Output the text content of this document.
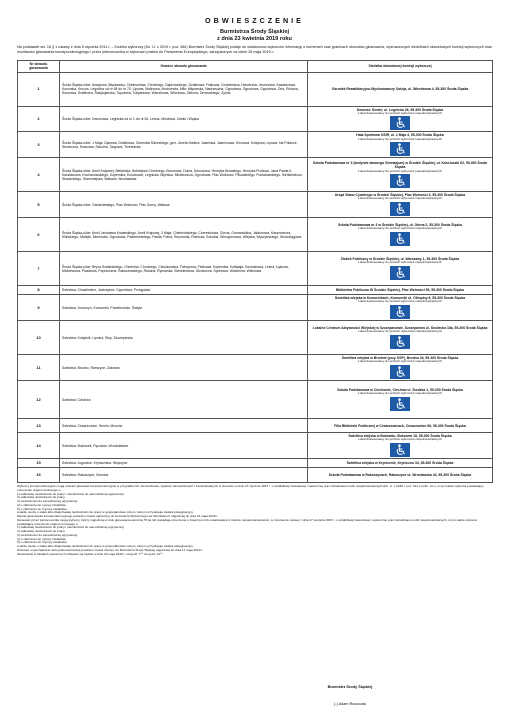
OBWIESZCZENIE
Burmistrza Środy Śląskiej
z dnia 23 kwietnia 2019 roku
Na podstawie art. 16 § 1 ustawy z dnia 5 stycznia 2011 r. – Kodeks wyborczy (Dz. U. z 2019 r. poz. 684) Burmistrz Środy Śląskiej podaje do wiadomości wyborców informację o numerach oraz granicach obwodów głosowania, wyznaczonych siedzibach obwodowych komisji wyborczych oraz możliwości głosowania korespondencyjnego i przez pełnomocnika w wyborach posłów do Parlamentu Europejskiego, zarządzonych na dzień 26 maja 2019 r.:
Nr obwodu głosowania	Granice obwodu głosowania	Siedziba obwodowej komisji wyborczej
1	Środa Śląska-ulice: Akacjowa, Błyskawicy, Chełmońska, Chrobrego, Dąbrowskiego, Działkowa, Fiołkowa, Gorzelniana, Harcerska, Jesionowa, Kasztanowa, Korczaka, Krucza, Legnicka od nr 58 do nr 70, Lipowa, Malinowa, Modrzewia, Miła, Młynarska, Nadrzeczna, Ogrodowa, Ogrodowa, Ogrodowa, Orla, Różana, Sosnowa, Szafirowa, Świętojańska, Topolowa, Tulipanowa, Wierzbowa, Wiśniowa, Zielona, Żeromskiego, Żytnia	Ośrodek Rewalidacyjno-Wychowawczy Ostoja, ul. Wierzbowa 4, 55-300 Środa Śląska

2	Środa Śląska-ulice: Dworcowa, Legnicka od nr 1 do nr 54, Leśna, Miodowa, Zamki i Wąska	Dworzec Średni, ul. Legnicka 26, 55-300 Środa Śląska
Lokal dostosowany do potrzeb wyborców niepełnosprawnych

3	Środa Śląska-ulice: 1 Maja, Dębowa, Działkowa, Generała Sikorskiego, gen. Józefa Hallera, Jasielska, Jaśminowa, Klonowa, Kolejowa, Lipowa, Na Polance, Słoneczna, Sosnowa, Szkolna, Targowa, Trzebnicka	Hala Sportowa OSiR, ul. 1 Maja 4, 55-300 Środa Śląska
Lokal dostosowany do potrzeb wyborców niepełnosprawnych

4	Środa Śląska-ulice: Armii Krajowej, Bielańska, Bolesława Chrobrego, Brzozowa, Dolna, Dworcowa, Henryka Brodatego, Henryka Probusa, Jana Pawła II, Kasztanowa, Kochanowskiego, Kopernika, Kościuszki, Legnicka, Młyńska, Mickiewicza, Ogrodowa, Plac Wolności, Piłsudskiego, Poniatowskiego, Sienkiewicza, Słowackiego, Staromiejska, Wałowa, Wrocławska	Szkoła Podstawowa nr 3 (budynek dawnego Gimnazjum) w Środzie Śląskiej, ul. Kościuszki 62, 55-300 Środa Śląska
Lokal dostosowany do potrzeb wyborców niepełnosprawnych

5	Środa Śląska-ulice: Gwiaździstego, Plac Wolności, Plac Gorny, Wałowa	Urząd Stanu Cywilnego w Środzie Śląskiej, Plac Wolności 3, 55-300 Środa Śląska
Lokal dostosowany do potrzeb wyborców niepełnosprawnych

6	Środa Śląska-ulice: Armii Jarosława Kowalskiego, Armii Krajowej, 3 Maja, Chełmońskiego, Czereśniowa, Górna, Grunwaldzka, Jabłonowa, Kasprowicza, Kilińskiego, Matejki, Moniuszki, Ogrodowa, Paderewskiego, Pawła, Polna, Reymonta, Rolnicza, Szkolna, Winogronowa, Wiejska, Wyszyńskiego, Wodociągowa	Szkoła Podstawowa nr 3 w Środzie Śląskiej, ul. Górna 2, 55-300 Środa Śląska
Lokal dostosowany do potrzeb wyborców niepełnosprawnych

7	Środa Śląska-ulice: Bryza-Szatańskiego, Chmielna, Chrobrego, Cieszkowska, Fabryczna, Fiołkowa, Kopernika, Kołłątaja, Konwaliowa, Leśna, Łąkowa, Mickiewicza, Piaskowa, Poprzeczna, Rakszewskiego, Różana, Rymarska, Sienkiewicza, Słoneczna, Sportowa, Wiosenna, Wiśniowa	Żłobek Publiczny w Środzie Śląskiej, ul. Warszawy 1, 55-300 Środa Śląska
Lokal dostosowany do potrzeb wyborców niepełnosprawnych

8	Sołectwa: Chwalimierz, Jastrzębce, Ogrodnica, Przejęsław	Biblioteka Publiczna W Środzie Śląskiej, Plac Wolności 59, 55-300 Środa Śląska

9	Sołectwa: Juszczyn, Komorniki, Przedmoście, Święte	Świetlica wiejska w Komornikach, Komorniki ul. Olimpiny 6, 55-300 Środa Śląska
Lokal dostosowany do potrzeb wyborców niepełnosprawnych

10	Sołectwa: Kobylnik, Lipnica, Słup, Szczepanów	Lokalne Centrum Aktywności Wiejskiej w Szczepanowie, Szczepanów ul. Środecka 18a, 55-300 Środa Śląska
Lokal dostosowany do potrzeb wyborców niepełnosprawnych

11	Sołectwa: Brodno, Rzeszyce, Zakrzów	Świetlica wiejska w Brodnie (przy OSP), Brodno 44, 55-300 Środa Śląska
Lokal dostosowany do potrzeb wyborców niepełnosprawnych

12	Sołectwa: Ciechów	Szkoła Podstawowa w Ciechowie, Ciechów ul. Średzka 1, 55-300 Środa Śląska
Lokal dostosowany do potrzeb wyborców niepełnosprawnych

13	Sołectwa: Cesarzowice, Husim, Mrozów	Filia Biblioteki Publicznej w Cesarzowicach, Cesarzowice 66, 55-300 Środa Śląska

14	Sołectwa: Bukówek, Pęczków, Wrocisławice	Świetlica wiejska w Bukówku, Bukówek 18, 55-300 Środa Śląska
Lokal dostosowany do potrzeb wyborców niepełnosprawnych

15	Sołectwa: Jugowice, Krynicznica, Wojczyce	Świetlica wiejska w Krynicznie, Kryniczno 34, 55-300 Środa Śląska

16	Sołectwa: Rakoszyce, Sośnica	Szkoła Podstawowa w Rakoszycach, Rakoszyce ul. Wrocławska 44, 55-300 Środa Śląska

Wyborcy korespondencyjnie mogą również głosować korespondencyjnie w przypadku ich zamieszkania, zgodnie zamieszkanych i zameldowanych w stosunku w dniu 27 stycznia 1997 r. o rehabilitacji zawodowej i społecznej oraz zatrudnianiu osób niepełnosprawnych (Dz. U. z 2018 r. poz. 511 z późn. zm.), w tym także wyborca posiadający orzeczenie organu rentowego o:

1) całkowitej niezdolności do pracy i niezdolności do samodzielnej egzystencji,

2) całkowitej niezdolności do pracy,

3) niezdolności do samodzielnej egzystencji,

4) o zaliczeniu do I grupy inwalidów,

5) o zaliczeniu do II grupy inwalidów,

a także osoby o stałej albo długotrwałej niezdolności do pracy w gospodarstwie rolnym, którym przysługuje zasiłek pielęgnacyjny.

Zamiar głosowania korespondencyjnego powinien zostać zgłoszony do Komisarza Wyborczego we Wrocławiu II najpóźniej do dnia 13 maja 2019 r.

Głosować przez pełnomocnika mogą wyborcy, którzy najpóźniej w dniu głosowania ukończą 75 lat lub posiadają orzeczenie o znacznym lub umiarkowanym stopniu niepełnosprawności, w rozumieniu ustawy z dnia 27 sierpnia 1997 r. o rehabilitacji zawodowej i społecznej oraz zatrudnianiu osób niepełnosprawnych, w tym także wyborca posiadający orzeczenie organu rentowego o:

1) całkowitej niezdolności do pracy i niezdolności do samodzielnej egzystencji,

2) całkowitej niezdolności do pracy,

3) niezdolności do samodzielnej egzystencji,

4) o zaliczeniu do I grupy inwalidów,

5) o zaliczeniu do II grupy inwalidów,

a także osoby o stałej albo długotrwałej niezdolności do pracy w gospodarstwie rolnym, którym przysługuje zasiłek pielęgnacyjny.

Wniosek o sporządzenie aktu pełnomocnictwa powinien zostać złożony do Burmistrza Środy Śląskiej najpóźniej do dnia 17 maja 2019 r.

Głosowanie w lokalach wyborczych odbywać się będzie w dniu 26 maja 2019 r. od godz. 7⁰⁰ do godz. 21⁰⁰.

Burmistrz Środy Śląskiej
(-) Adam Ruszczak
